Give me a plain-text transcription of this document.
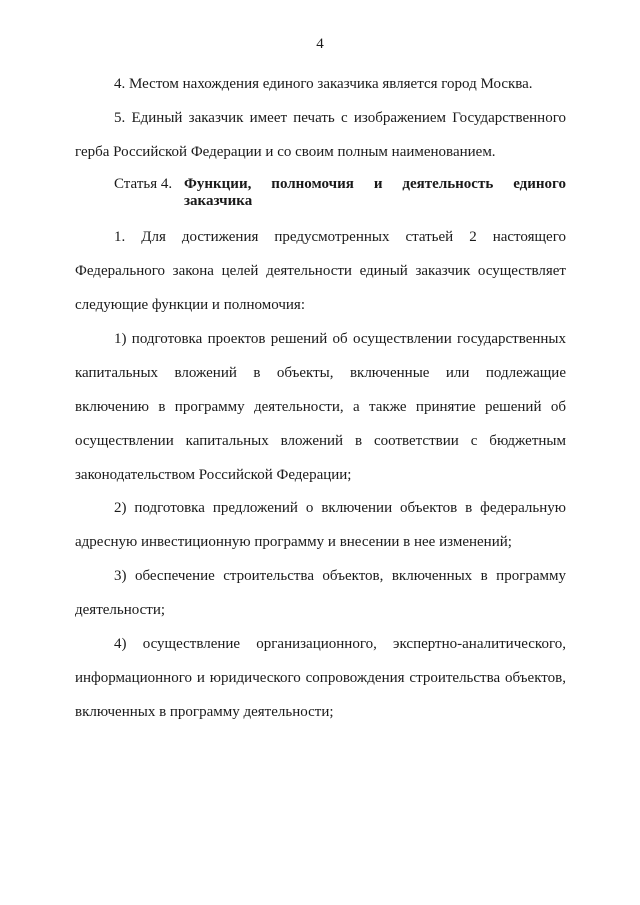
4

4. Местом нахождения единого заказчика является город Москва.

5. Единый заказчик имеет печать с изображением Государственного герба Российской Федерации и со своим полным наименованием.

Статья 4. Функции, полномочия и деятельность единого
заказчика

1. Для достижения предусмотренных статьей 2 настоящего Федерального закона целей деятельности единый заказчик осуществляет следующие функции и полномочия:

1) подготовка проектов решений об осуществлении государственных капитальных вложений в объекты, включенные или подлежащие включению в программу деятельности, а также принятие решений об осуществлении капитальных вложений в соответствии с бюджетным законодательством Российской Федерации;

2) подготовка предложений о включении объектов в федеральную адресную инвестиционную программу и внесении в нее изменений;

3) обеспечение строительства объектов, включенных в программу деятельности;

4) осуществление организационного, экспертно-аналитического, информационного и юридического сопровождения строительства объектов, включенных в программу деятельности;
